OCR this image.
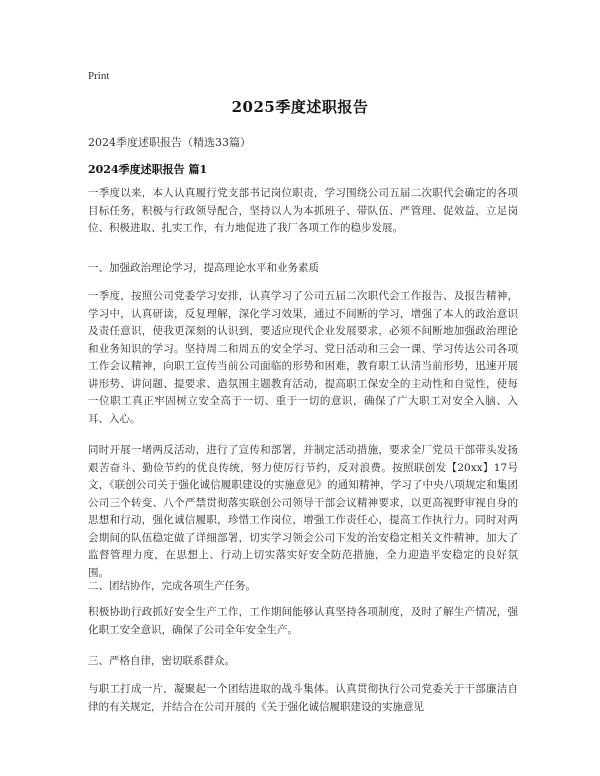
Print
2025季度述职报告
2024季度述职报告（精选33篇）
2024季度述职报告 篇1

一季度以来，本人认真履行党支部书记岗位职责，学习围绕公司五届二次职代会确定的各项目标任务，积极与行政领导配合，坚持以人为本抓班子、带队伍、严管理、促效益，立足岗位、积极进取、扎实工作，有力地促进了我厂各项工作的稳步发展。

一、加强政治理论学习，提高理论水平和业务素质

一季度，按照公司党委学习安排，认真学习了公司五届二次职代会工作报告、及报告精神，学习中，认真研读，反复理解，深化学习效果，通过不间断的学习，增强了本人的政治意识及责任意识，使我更深刻的认识到，要适应现代企业发展要求，必须不间断地加强政治理论和业务知识的学习。坚持周二和周五的安全学习、党日活动和三会一课、学习传达公司各项工作会议精神，向职工宣传当前公司面临的形势和困难，教育职工认清当前形势，迅速开展讲形势、讲问题、提要求、造氛围主题教育活动，提高职工保安全的主动性和自觉性，使每一位职工真正牢固树立安全高于一切、重于一切的意识，确保了广大职工对安全入脑、入耳、入心。

同时开展一堵两反活动，进行了宣传和部署，并制定活动措施，要求全厂党员干部带头发扬艰苦奋斗、勤俭节约的优良传统，努力使厉行节约，反对浪费。按照联创发【20xx】17号文，《联创公司关于强化诚信履职建设的实施意见》的通知精神，学习了中央八项规定和集团公司三个转变、八个严禁贯彻落实联创公司领导干部会议精神要求，以更高视野审视自身的思想和行动，强化诚信履职，珍惜工作岗位，增强工作责任心，提高工作执行力。同时对两会期间的队伍稳定做了详细部署，切实学习领会公司下发的治安稳定相关文件精神，加大了监督管理力度，在思想上、行动上切实落实好安全防范措施，全力迎造平安稳定的良好氛围。

二、团结协作，完成各项生产任务。

积极协助行政抓好安全生产工作，工作期间能够认真坚持各项制度，及时了解生产情况，强化职工安全意识，确保了公司全年安全生产。

三、严格自律，密切联系群众。

与职工打成一片，凝聚起一个团结进取的战斗集体。认真贯彻执行公司党委关于干部廉洁自律的有关规定，并结合在公司开展的《关于强化诚信履职建设的实施意见
